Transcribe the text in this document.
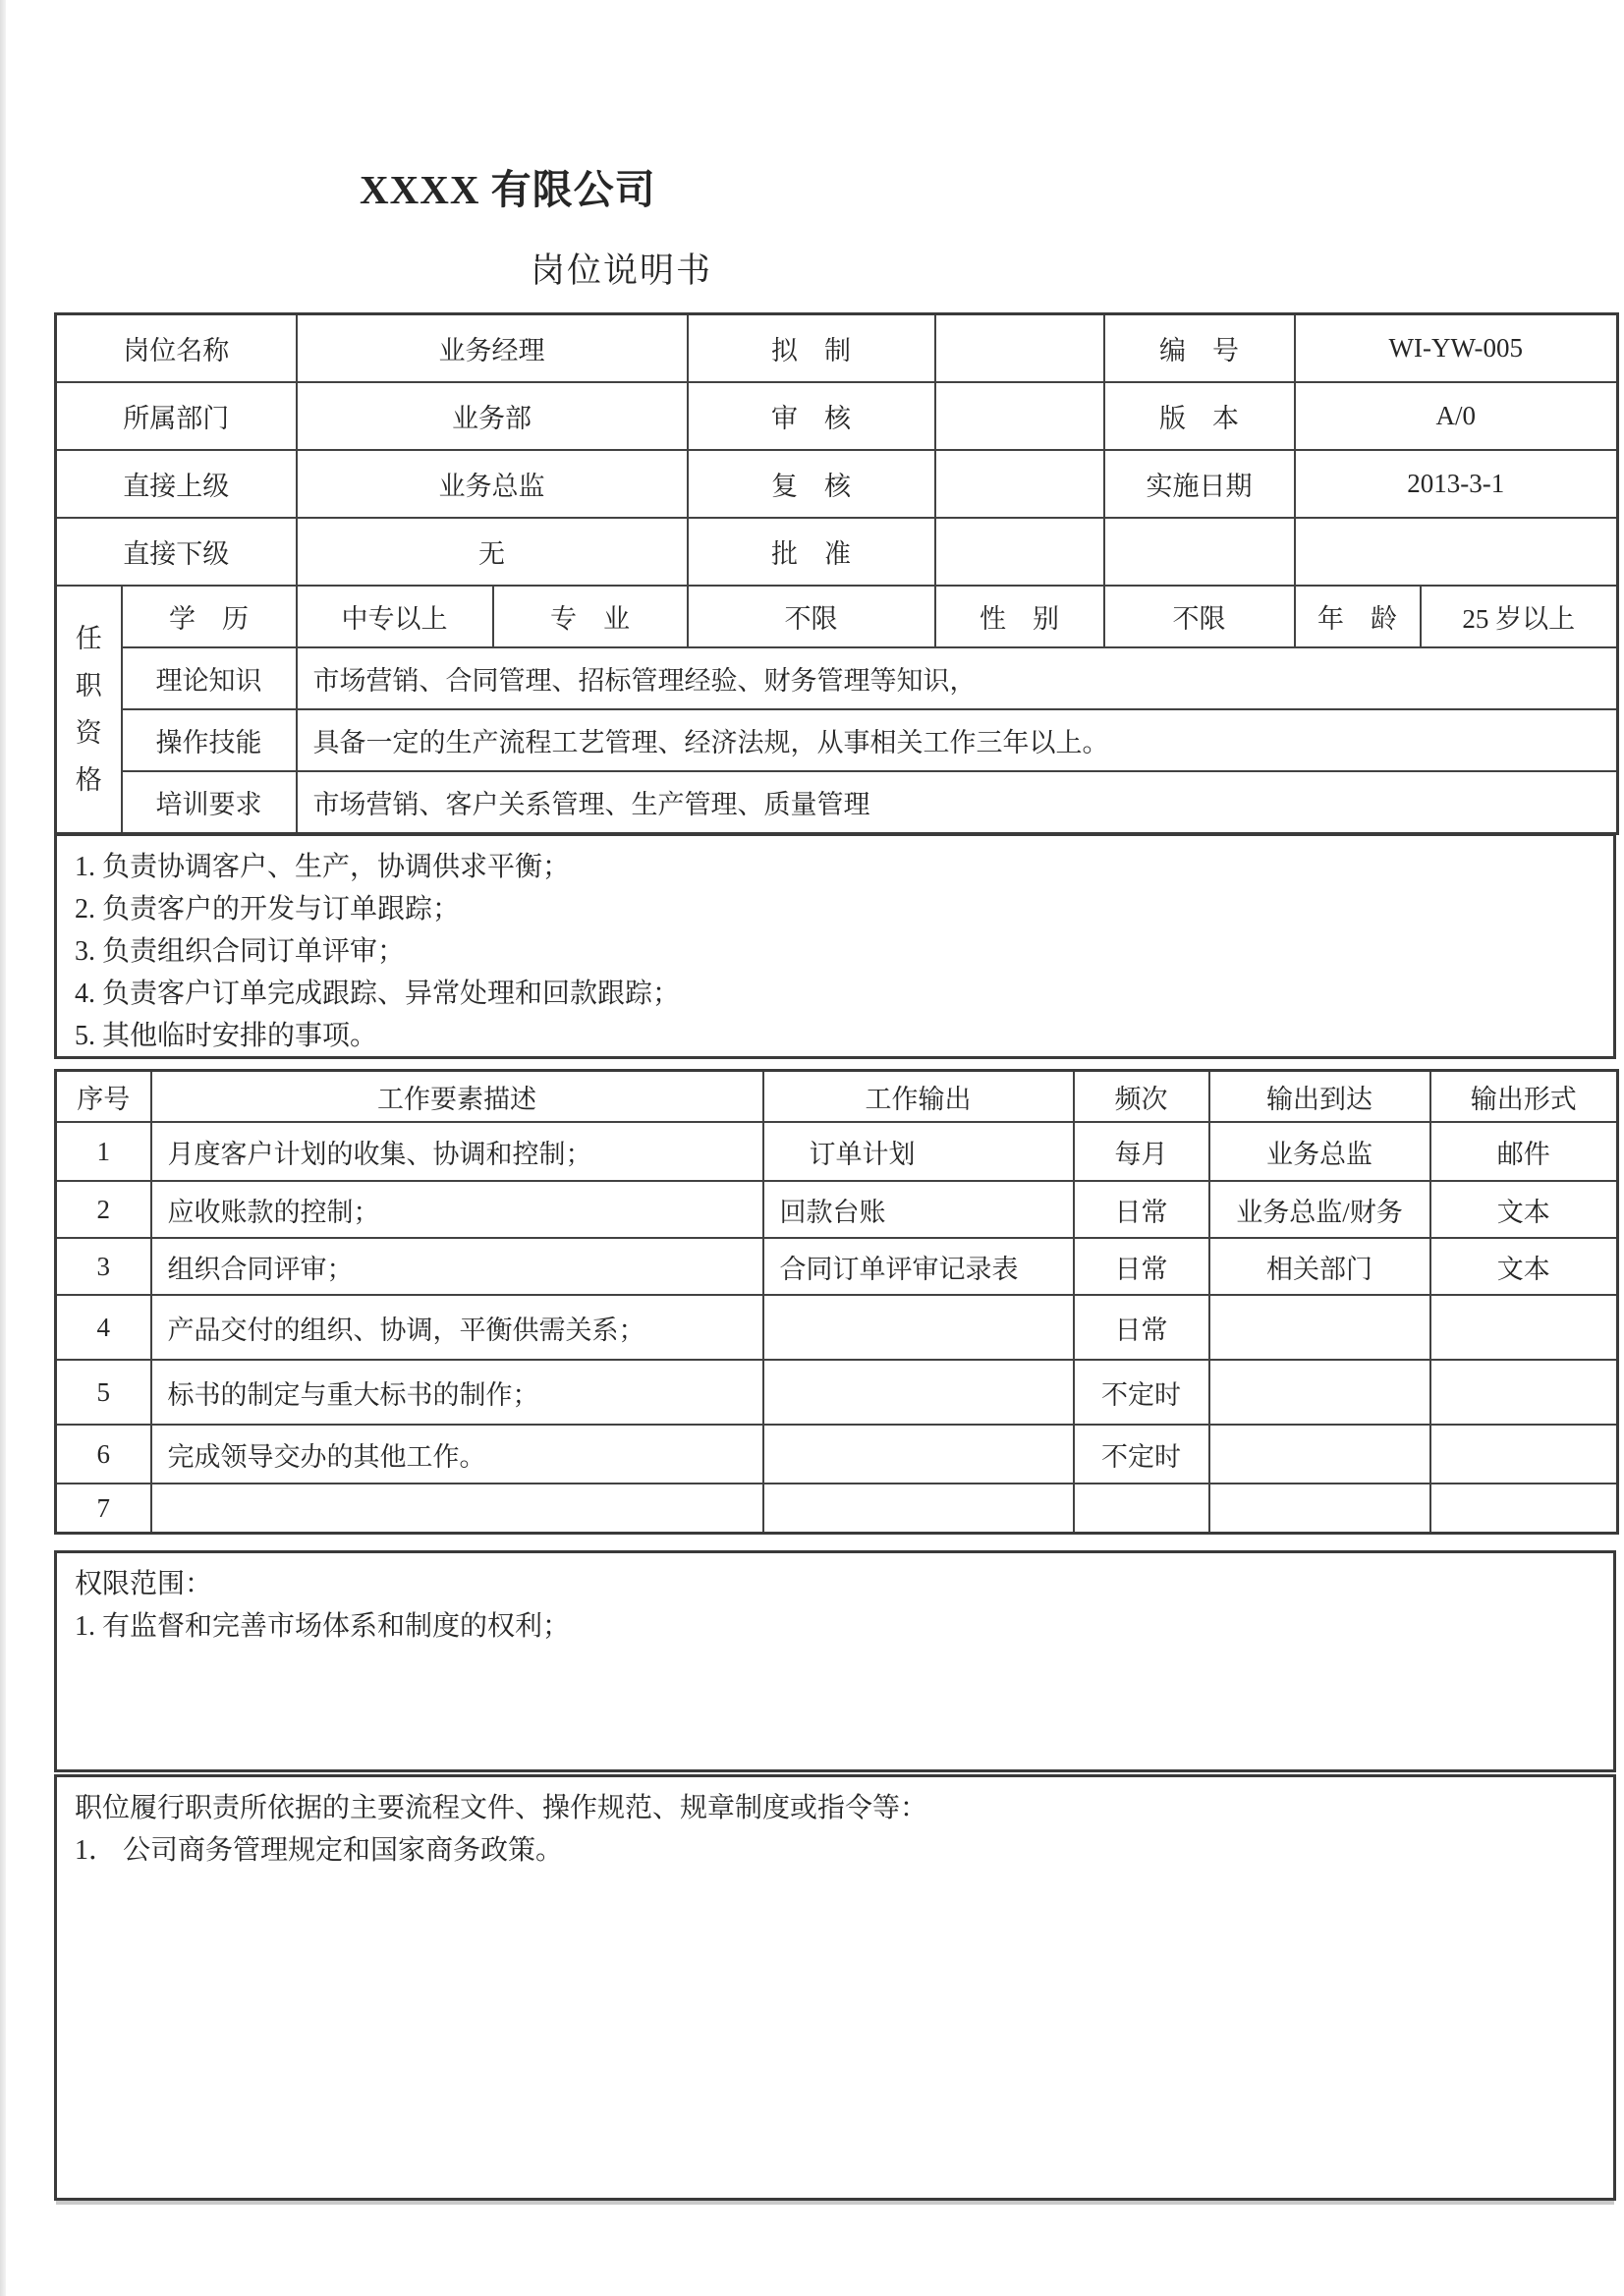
XXXX 有限公司
岗位说明书
岗位名称		业务经理		拟　制		编　号	WI-YW-005	
所属部门		业务部		审　核		版　本	A/0	
直接上级		业务总监		复　核		实施日期	2013-3-1	
直接下级		无		批　准				

任职资格	学　历	中专以上	专　业	不限	性　别	不限	年　龄	25 岁以上
	理论知识	市场营销、合同管理、招标管理经验、财务管理等知识，						
	操作技能	具备一定的生产流程工艺管理、经济法规，从事相关工作三年以上。						
	培训要求	市场营销、客户关系管理、生产管理、质量管理						

1. 负责协调客户、生产，协调供求平衡；

2. 负责客户的开发与订单跟踪；

3. 负责组织合同订单评审；

4. 负责客户订单完成跟踪、异常处理和回款跟踪；

5. 其他临时安排的事项。

序号	工作要素描述	工作输出	频次	输出到达	输出形式
1	月度客户计划的收集、协调和控制；	订单计划	每月	业务总监	邮件
2	应收账款的控制；	回款台账	日常	业务总监/财务	文本
3	组织合同评审；	合同订单评审记录表	日常	相关部门	文本
4	产品交付的组织、协调，平衡供需关系；		日常		
5	标书的制定与重大标书的制作；		不定时		
6	完成领导交办的其他工作。		不定时		
7					

权限范围：

1. 有监督和完善市场体系和制度的权利；

职位履行职责所依据的主要流程文件、操作规范、规章制度或指令等：

1． 公司商务管理规定和国家商务政策。
